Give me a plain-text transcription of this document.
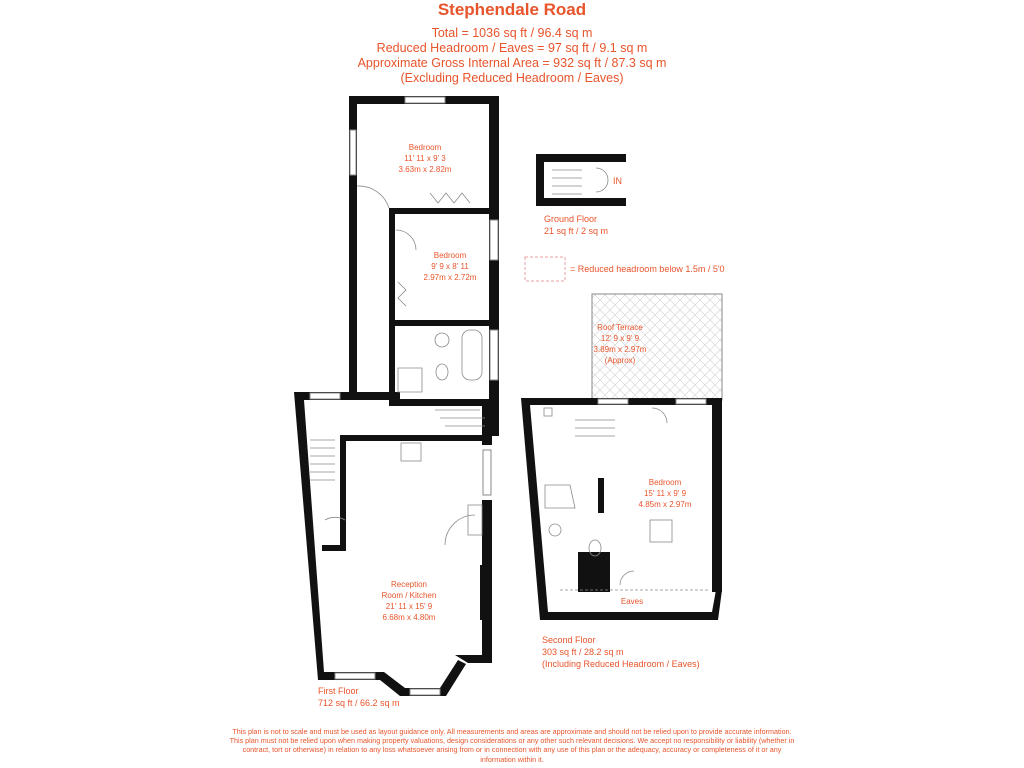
Stephendale Road
Total = 1036 sq ft / 96.4 sq m
Reduced Headroom / Eaves = 97 sq ft / 9.1 sq m
Approximate Gross Internal Area = 932 sq ft / 87.3 sq m
(Excluding Reduced Headroom / Eaves)
Bedroom
11' 11 x 9' 3
3.63m x 2.82m
Bedroom
9' 9 x 8' 11
2.97m x 2.72m
Reception
Room / Kitchen
21' 11 x 15' 9
6.68m x 4.80m
First Floor
712 sq ft / 66.2 sq m
IN
Ground Floor
21 sq ft / 2 sq m
= Reduced headroom below 1.5m / 5'0
Roof Terrace
12' 9 x 9' 9
3.89m x 2.97m
(Approx)
Bedroom
15' 11 x 9' 9
4.85m x 2.97m
Eaves
Second Floor
303 sq ft / 28.2 sq m
(Including Reduced Headroom / Eaves)
This plan is not to scale and must be used as layout guidance only. All measurements and areas are approximate and should not be relied upon to provide accurate information. This plan must not be relied upon when making property valuations, design considerations or any other such relevant decisions. We accept no responsibility or liability (whether in contract, tort or otherwise) in relation to any loss whatsoever arising from or in connection with any use of this plan or the adequacy, accuracy or completeness of it or any information within it.
